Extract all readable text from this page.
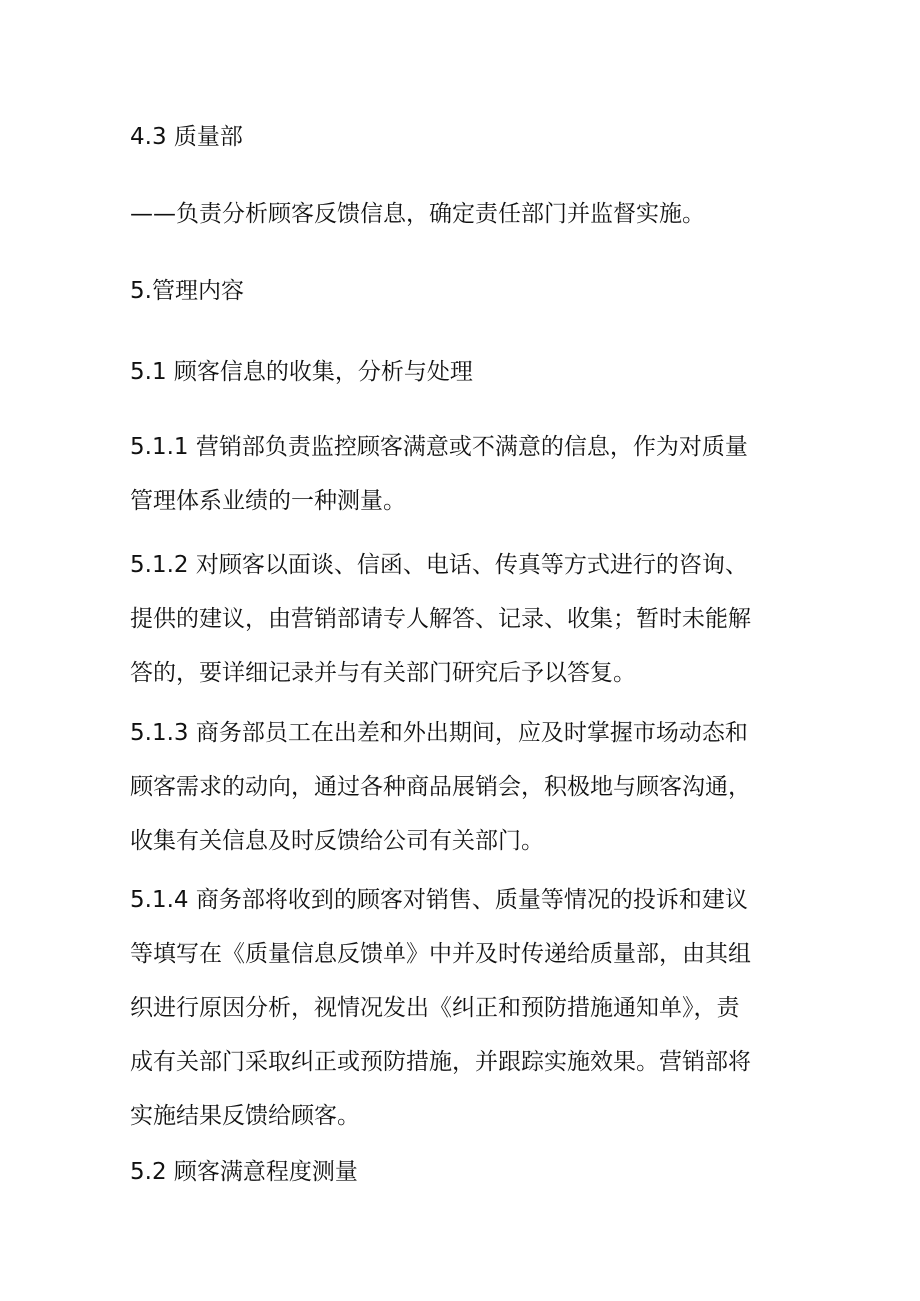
4.3 质量部

——负责分析顾客反馈信息，确定责任部门并监督实施。

5.管理内容

5.1 顾客信息的收集，分析与处理

5.1.1 营销部负责监控顾客满意或不满意的信息，作为对质量
管理体系业绩的一种测量。

5.1.2 对顾客以面谈、信函、电话、传真等方式进行的咨询、
提供的建议，由营销部请专人解答、记录、收集；暂时未能解
答的，要详细记录并与有关部门研究后予以答复。

5.1.3 商务部员工在出差和外出期间，应及时掌握市场动态和
顾客需求的动向，通过各种商品展销会，积极地与顾客沟通，
收集有关信息及时反馈给公司有关部门。

5.1.4 商务部将收到的顾客对销售、质量等情况的投诉和建议
等填写在《质量信息反馈单》中并及时传递给质量部，由其组
织进行原因分析，视情况发出《纠正和预防措施通知单》，责
成有关部门采取纠正或预防措施，并跟踪实施效果。营销部将
实施结果反馈给顾客。

5.2 顾客满意程度测量
